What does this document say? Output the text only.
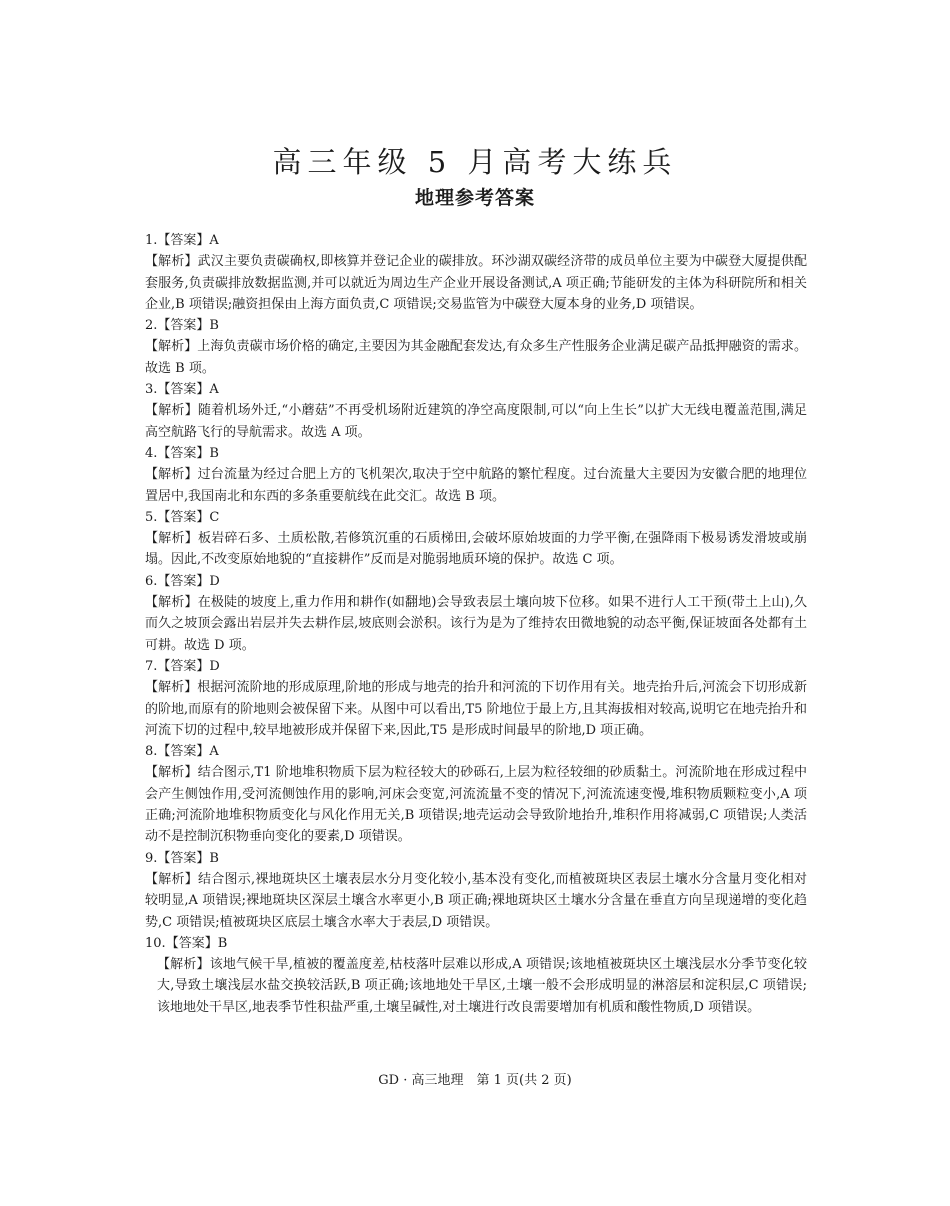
高三年级 5 月高考大练兵
地理参考答案

1.【答案】A

【解析】武汉主要负责碳确权,即核算并登记企业的碳排放。环沙湖双碳经济带的成员单位主要为中碳登大厦提供配套服务,负责碳排放数据监测,并可以就近为周边生产企业开展设备测试,A 项正确;节能研发的主体为科研院所和相关企业,B 项错误;融资担保由上海方面负责,C 项错误;交易监管为中碳登大厦本身的业务,D 项错误。

2.【答案】B

【解析】上海负责碳市场价格的确定,主要因为其金融配套发达,有众多生产性服务企业满足碳产品抵押融资的需求。故选 B 项。

3.【答案】A

【解析】随着机场外迁,“小蘑菇”不再受机场附近建筑的净空高度限制,可以“向上生长”以扩大无线电覆盖范围,满足高空航路飞行的导航需求。故选 A 项。

4.【答案】B

【解析】过台流量为经过合肥上方的飞机架次,取决于空中航路的繁忙程度。过台流量大主要因为安徽合肥的地理位置居中,我国南北和东西的多条重要航线在此交汇。故选 B 项。

5.【答案】C

【解析】板岩碎石多、土质松散,若修筑沉重的石质梯田,会破坏原始坡面的力学平衡,在强降雨下极易诱发滑坡或崩塌。因此,不改变原始地貌的“直接耕作”反而是对脆弱地质环境的保护。故选 C 项。

6.【答案】D

【解析】在极陡的坡度上,重力作用和耕作(如翻地)会导致表层土壤向坡下位移。如果不进行人工干预(带土上山),久而久之坡顶会露出岩层并失去耕作层,坡底则会淤积。该行为是为了维持农田微地貌的动态平衡,保证坡面各处都有土可耕。故选 D 项。

7.【答案】D

【解析】根据河流阶地的形成原理,阶地的形成与地壳的抬升和河流的下切作用有关。地壳抬升后,河流会下切形成新的阶地,而原有的阶地则会被保留下来。从图中可以看出,T5 阶地位于最上方,且其海拔相对较高,说明它在地壳抬升和河流下切的过程中,较早地被形成并保留下来,因此,T5 是形成时间最早的阶地,D 项正确。

8.【答案】A

【解析】结合图示,T1 阶地堆积物质下层为粒径较大的砂砾石,上层为粒径较细的砂质黏土。河流阶地在形成过程中会产生侧蚀作用,受河流侧蚀作用的影响,河床会变宽,河流流量不变的情况下,河流流速变慢,堆积物质颗粒变小,A 项正确;河流阶地堆积物质变化与风化作用无关,B 项错误;地壳运动会导致阶地抬升,堆积作用将减弱,C 项错误;人类活动不是控制沉积物垂向变化的要素,D 项错误。

9.【答案】B

【解析】结合图示,裸地斑块区土壤表层水分月变化较小,基本没有变化,而植被斑块区表层土壤水分含量月变化相对较明显,A 项错误;裸地斑块区深层土壤含水率更小,B 项正确;裸地斑块区土壤水分含量在垂直方向呈现递增的变化趋势,C 项错误;植被斑块区底层土壤含水率大于表层,D 项错误。

10.【答案】B

【解析】该地气候干旱,植被的覆盖度差,枯枝落叶层难以形成,A 项错误;该地植被斑块区土壤浅层水分季节变化较大,导致土壤浅层水盐交换较活跃,B 项正确;该地地处干旱区,土壤一般不会形成明显的淋溶层和淀积层,C 项错误;该地地处干旱区,地表季节性积盐严重,土壤呈碱性,对土壤进行改良需要增加有机质和酸性物质,D 项错误。

GD · 高三地理　第 1 页(共 2 页)
